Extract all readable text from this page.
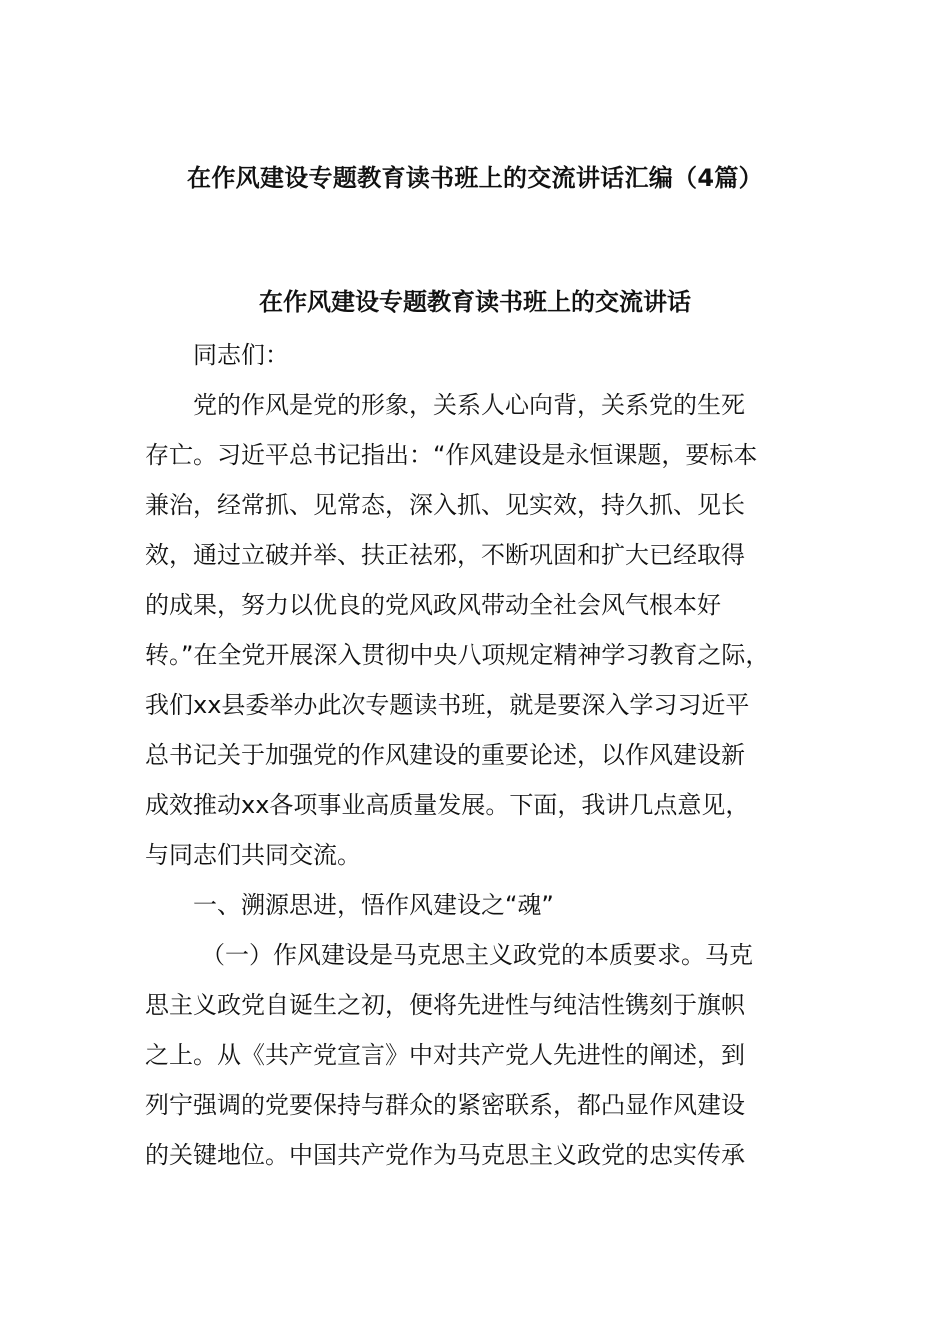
在作风建设专题教育读书班上的交流讲话汇编（4篇）
在作风建设专题教育读书班上的交流讲话
同志们：
党的作风是党的形象，关系人心向背，关系党的生死
存亡。习近平总书记指出：“作风建设是永恒课题，要标本
兼治，经常抓、见常态，深入抓、见实效，持久抓、见长
效，通过立破并举、扶正祛邪，不断巩固和扩大已经取得
的成果，努力以优良的党风政风带动全社会风气根本好
转。”在全党开展深入贯彻中央八项规定精神学习教育之际，
我们xx县委举办此次专题读书班，就是要深入学习习近平
总书记关于加强党的作风建设的重要论述，以作风建设新
成效推动xx各项事业高质量发展。下面，我讲几点意见，
与同志们共同交流。
一、溯源思进，悟作风建设之“魂”
（一）作风建设是马克思主义政党的本质要求。马克
思主义政党自诞生之初，便将先进性与纯洁性镌刻于旗帜
之上。从《共产党宣言》中对共产党人先进性的阐述，到
列宁强调的党要保持与群众的紧密联系，都凸显作风建设
的关键地位。中国共产党作为马克思主义政党的忠实传承
